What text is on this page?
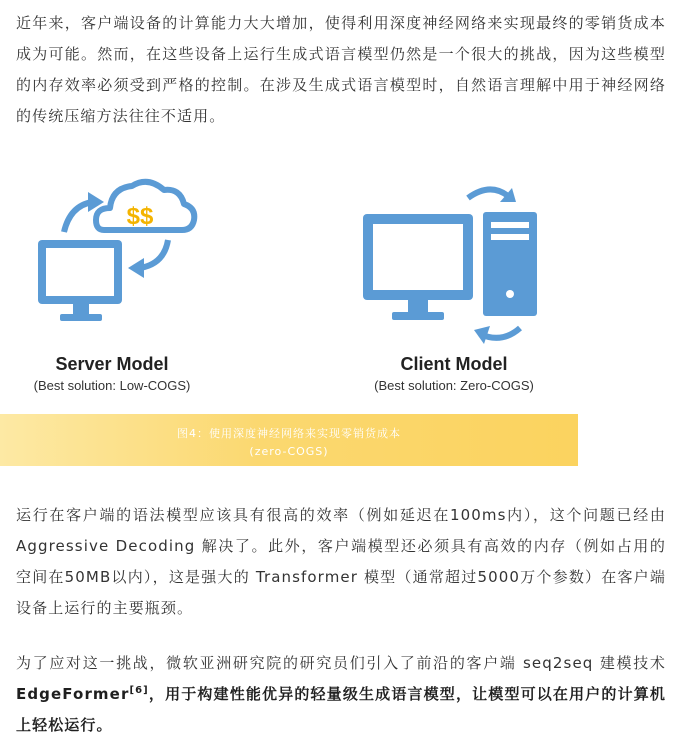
近年来，客户端设备的计算能力大大增加，使得利用深度神经网络来实现最终的零销货成本成为可能。然而，在这些设备上运行生成式语言模型仍然是一个很大的挑战，因为这些模型的内存效率必须受到严格的控制。在涉及生成式语言模型时，自然语言理解中用于神经网络的传统压缩方法往往不适用。

$$
Server Model
(Best solution: Low-COGS)
Client Model
(Best solution: Zero-COGS)
图4：使用深度神经网络来实现零销货成本
(zero-COGS)

运行在客户端的语法模型应该具有很高的效率（例如延迟在100ms内），这个问题已经由 Aggressive Decoding 解决了。此外，客户端模型还必须具有高效的内存（例如占用的空间在50MB以内），这是强大的 Transformer 模型（通常超过5000万个参数）在客户端设备上运行的主要瓶颈。

为了应对这一挑战，微软亚洲研究院的研究员们引入了前沿的客户端 seq2seq 建模技术 EdgeFormer[6]，用于构建性能优异的轻量级生成语言模型，让模型可以在用户的计算机上轻松运行。
